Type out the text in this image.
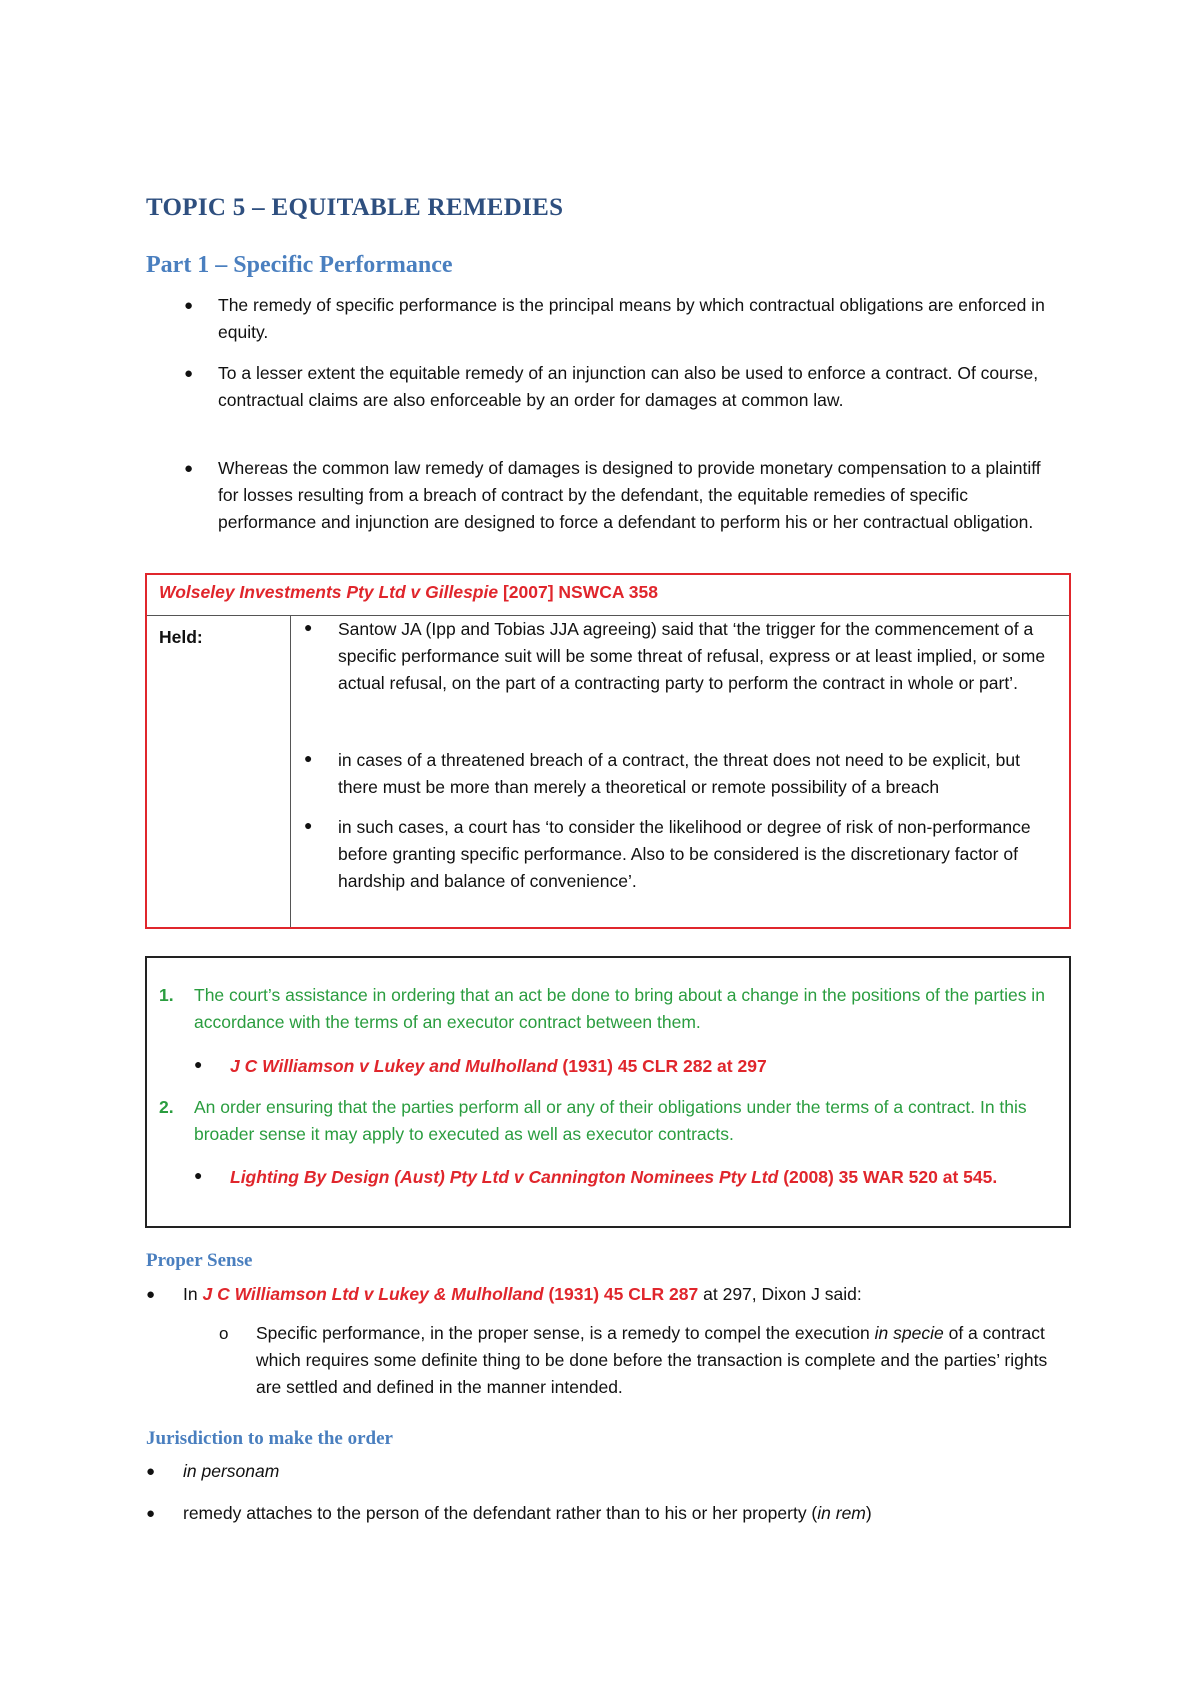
TOPIC 5 – EQUITABLE REMEDIES
Part 1 – Specific Performance
● The remedy of specific performance is the principal means by which contractual obligations are enforced in equity.
● To a lesser extent the equitable remedy of an injunction can also be used to enforce a contract. Of course, contractual claims are also enforceable by an order for damages at common law.
● Whereas the common law remedy of damages is designed to provide monetary compensation to a plaintiff for losses resulting from a breach of contract by the defendant, the equitable remedies of specific performance and injunction are designed to force a defendant to perform his or her contractual obligation.
Wolseley Investments Pty Ltd v Gillespie [2007] NSWCA 358
Held:	● Santow JA (Ipp and Tobias JJA agreeing) said that ‘the trigger for the commencement of a specific performance suit will be some threat of refusal, express or at least implied, or some actual refusal, on the part of a contracting party to perform the contract in whole or part’.
● in cases of a threatened breach of a contract, the threat does not need to be explicit, but there must be more than merely a theoretical or remote possibility of a breach
● in such cases, a court has ‘to consider the likelihood or degree of risk of non-performance before granting specific performance. Also to be considered is the discretionary factor of hardship and balance of convenience’.
1. The court’s assistance in ordering that an act be done to bring about a change in the positions of the parties in accordance with the terms of an executor contract between them.
● J C Williamson v Lukey and Mulholland (1931) 45 CLR 282 at 297
2. An order ensuring that the parties perform all or any of their obligations under the terms of a contract. In this broader sense it may apply to executed as well as executor contracts.
● Lighting By Design (Aust) Pty Ltd v Cannington Nominees Pty Ltd (2008) 35 WAR 520 at 545.
Proper Sense
● In J C Williamson Ltd v Lukey & Mulholland (1931) 45 CLR 287 at 297, Dixon J said:
o Specific performance, in the proper sense, is a remedy to compel the execution in specie of a contract which requires some definite thing to be done before the transaction is complete and the parties’ rights are settled and defined in the manner intended.
Jurisdiction to make the order
● in personam
● remedy attaches to the person of the defendant rather than to his or her property (in rem)
